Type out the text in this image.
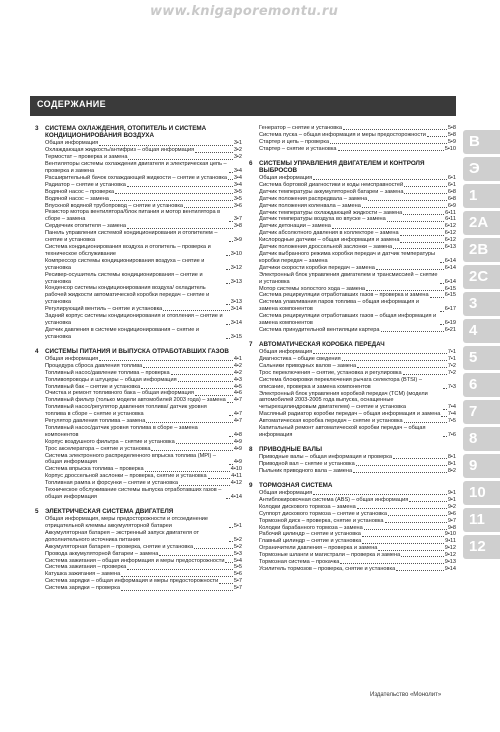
www.knigaporemontu.ru
СОДЕРЖАНИЕ
3	СИСТЕМА ОХЛАЖДЕНИЯ, ОТОПИТЕЛЬ И СИСТЕМА КОНДИЦИОНИРОВАНИЯ ВОЗДУХА
Общая информация	3•1
Охлаждающая жидкость/антифриз – общая информация	3•2
Термостат – проверка и замена	3•2
Вентиляторы системы охлаждения двигателя и электрическая цепь – проверка и замена	3•4
Расширительный бачок охлаждающей жидкости – снятие и установка 3•4
Радиатор – снятие и установка	3•4
Водяной насос – проверка	3•5
Водяной насос – замена	3•5
Впускной водяной трубопровод – снятие и установка	3•6
Резистор мотора вентилятора/блок питания и мотор вентилятора в сборе – замена	3•7
Сердечник отопителя – замена	3•8
Панель управления системой кондиционирования и отопителем – снятие и установка	3•9
Система кондиционирования воздуха и отопитель – проверка и техническое обслуживание	3•10
Компрессор системы кондиционирования воздуха – снятие и установка	3•12
Ресивер-осушитель системы кондиционирования – снятие и установка	3•13
Конденсор системы кондиционирования воздуха/ охладитель рабочей жидкости автоматической коробки передач – снятие и установка	3•13
Регулирующий вентиль – снятие и установка	3•14
Задний корпус системы кондиционирования и отопления – снятие и установка	3•14
Датчик давления в системе кондиционирования – снятие и установка	3•15
4	СИСТЕМЫ ПИТАНИЯ И ВЫПУСКА ОТРАБОТАВШИХ ГАЗОВ
Общая информация	4•1
Процедура сброса давления топлива	4•2
Топливный насос/давление топлива – проверка	4•2
Топливопроводы и штуцеры – общая информация	4•3
Топливный бак – снятие и установка	4•5
Очистка и ремонт топливного бака – общая информация	4•6
Топливный фильтр (только модели автомобилей 2003 года) – замена 4•7
Топливный насос/регулятор давления топлива/ датчик уровня топлива в сборе – снятие и установка	4•7
Регулятор давления топлива – замена	4•7
Топливный насос/датчик уровня топлива в сборе – замена компонентов	4•8
Корпус воздушного фильтра – снятие и установка	4•9
Трос акселератора – снятие и установка	4•9
Система электронного распределенного впрыска топлива (MPI) – общая информация	4•9
Система впрыска топлива – проверка	4•10
Корпус дроссельной заслонки – проверка, снятие и установка	4•11
Топливная рампа и форсунки – снятие и установка	4•12
Техническое обслуживание системы выпуска отработавших газов – общая информация	4•14
5	ЭЛЕКТРИЧЕСКАЯ СИСТЕМА ДВИГАТЕЛЯ
Общая информация, меры предосторожности и отсоединение отрицательной клеммы аккумуляторной батареи	5•1
Аккумуляторная батарея – экстренный запуск двигателя от дополнительного источника питания	5•2
Аккумуляторная батарея – проверка, снятие и установка	5•2
Провода аккумуляторной батареи – замена	5•3
Система зажигания – общая информация и меры предосторожности 5•4
Система зажигания – проверка	5•5
Катушка зажигания – замена	5•6
Система зарядки – общая информация и меры предосторожности	5•7
Система зарядки – проверка	5•7
Генератор – снятие и установка	5•8
Система пуска – общая информация и меры предосторожности	5•8
Стартер и цепь – проверка	5•9
Стартер – снятие и установка	5•10
6	СИСТЕМЫ УПРАВЛЕНИЯ ДВИГАТЕЛЕМ И КОНТРОЛЯ ВЫБРОСОВ
Общая информация	6•1
Система бортовой диагностики и коды неисправностей	6•1
Датчик температуры аккумуляторной батареи – замена	6•8
Датчик положения распредвала – замена	6•8
Датчик положения коленвала – замена	6•9
Датчик температуры охлаждающей жидкости – замена	6•11
Датчик температуры воздуха во впуске – замена	6•11
Датчик детонации – замена	6•12
Датчик абсолютного давления в коллекторе – замена	6•12
Кислородные датчики – общая информация и замена	6•12
Датчик положения дроссельной заслонки – замена	6•13
Датчик выбранного режима коробки передач и датчик температуры коробки передач – замена	6•14
Датчики скорости коробки передач – замена	6•14
Электронный блок управления двигателем и трансмиссией – снятие и установка	6•14
Мотор системы холостого хода – замена	6•15
Система рециркуляции отработавших газов – проверка и замена	6•15
Система улавливания паров топлива – общая информация и замена компонентов	6•17
Система рециркуляции отработавших газов – общая информация и замена компонентов	6•19
Система принудительной вентиляции картера	6•21
7	АВТОМАТИЧЕСКАЯ КОРОБКА ПЕРЕДАЧ
Общая информация	7•1
Диагностика – общие сведения	7•1
Сальники приводных валов – замена	7•2
Трос переключения – снятие, установка и регулировка	7•2
Система блокировки переключения рычага селектора (BTSI) – описание, проверка и замена компонентов	7•3
Электронный блок управления коробкой передач (TCM) (модели автомобилей 2003-2005 года выпуска, оснащенные четырехцилиндровым двигателем) – снятие и установка	7•4
Масляный радиатор коробки передач – общая информация и замена 7•4
Автоматическая коробка передач – снятие и установка	7•5
Капитальный ремонт автоматической коробки передач – общая информация	7•6
8	ПРИВОДНЫЕ ВАЛЫ
Приводные валы – общая информация и проверка	8•1
Приводной вал – снятие и установка	8•1
Пыльник приводного вала – замена	8•2
9	ТОРМОЗНАЯ СИСТЕМА
Общая информация	9•1
Антиблокировочная система (ABS) – общая информация	9•1
Колодки дискового тормоза – замена	9•2
Суппорт дискового тормоза – снятие и установка	9•6
Тормозной диск – проверка, снятие и установка	9•7
Колодки барабанного тормоза – замена	9•8
Рабочий цилиндр – снятие и установка	9•10
Главный цилиндр – снятие и установка	9•11
Ограничители давления – проверка и замена	9•12
Тормозные шланги и магистрали – проверка и замена	9•12
Тормозная система – прокачка	9•13
Усилитель тормозов – проверка, снятие и установка	9•14
В
Э
1
2А
2В
2С
3
4
5
6
7
8
9
10
11
12
Издательство «Монолит»
